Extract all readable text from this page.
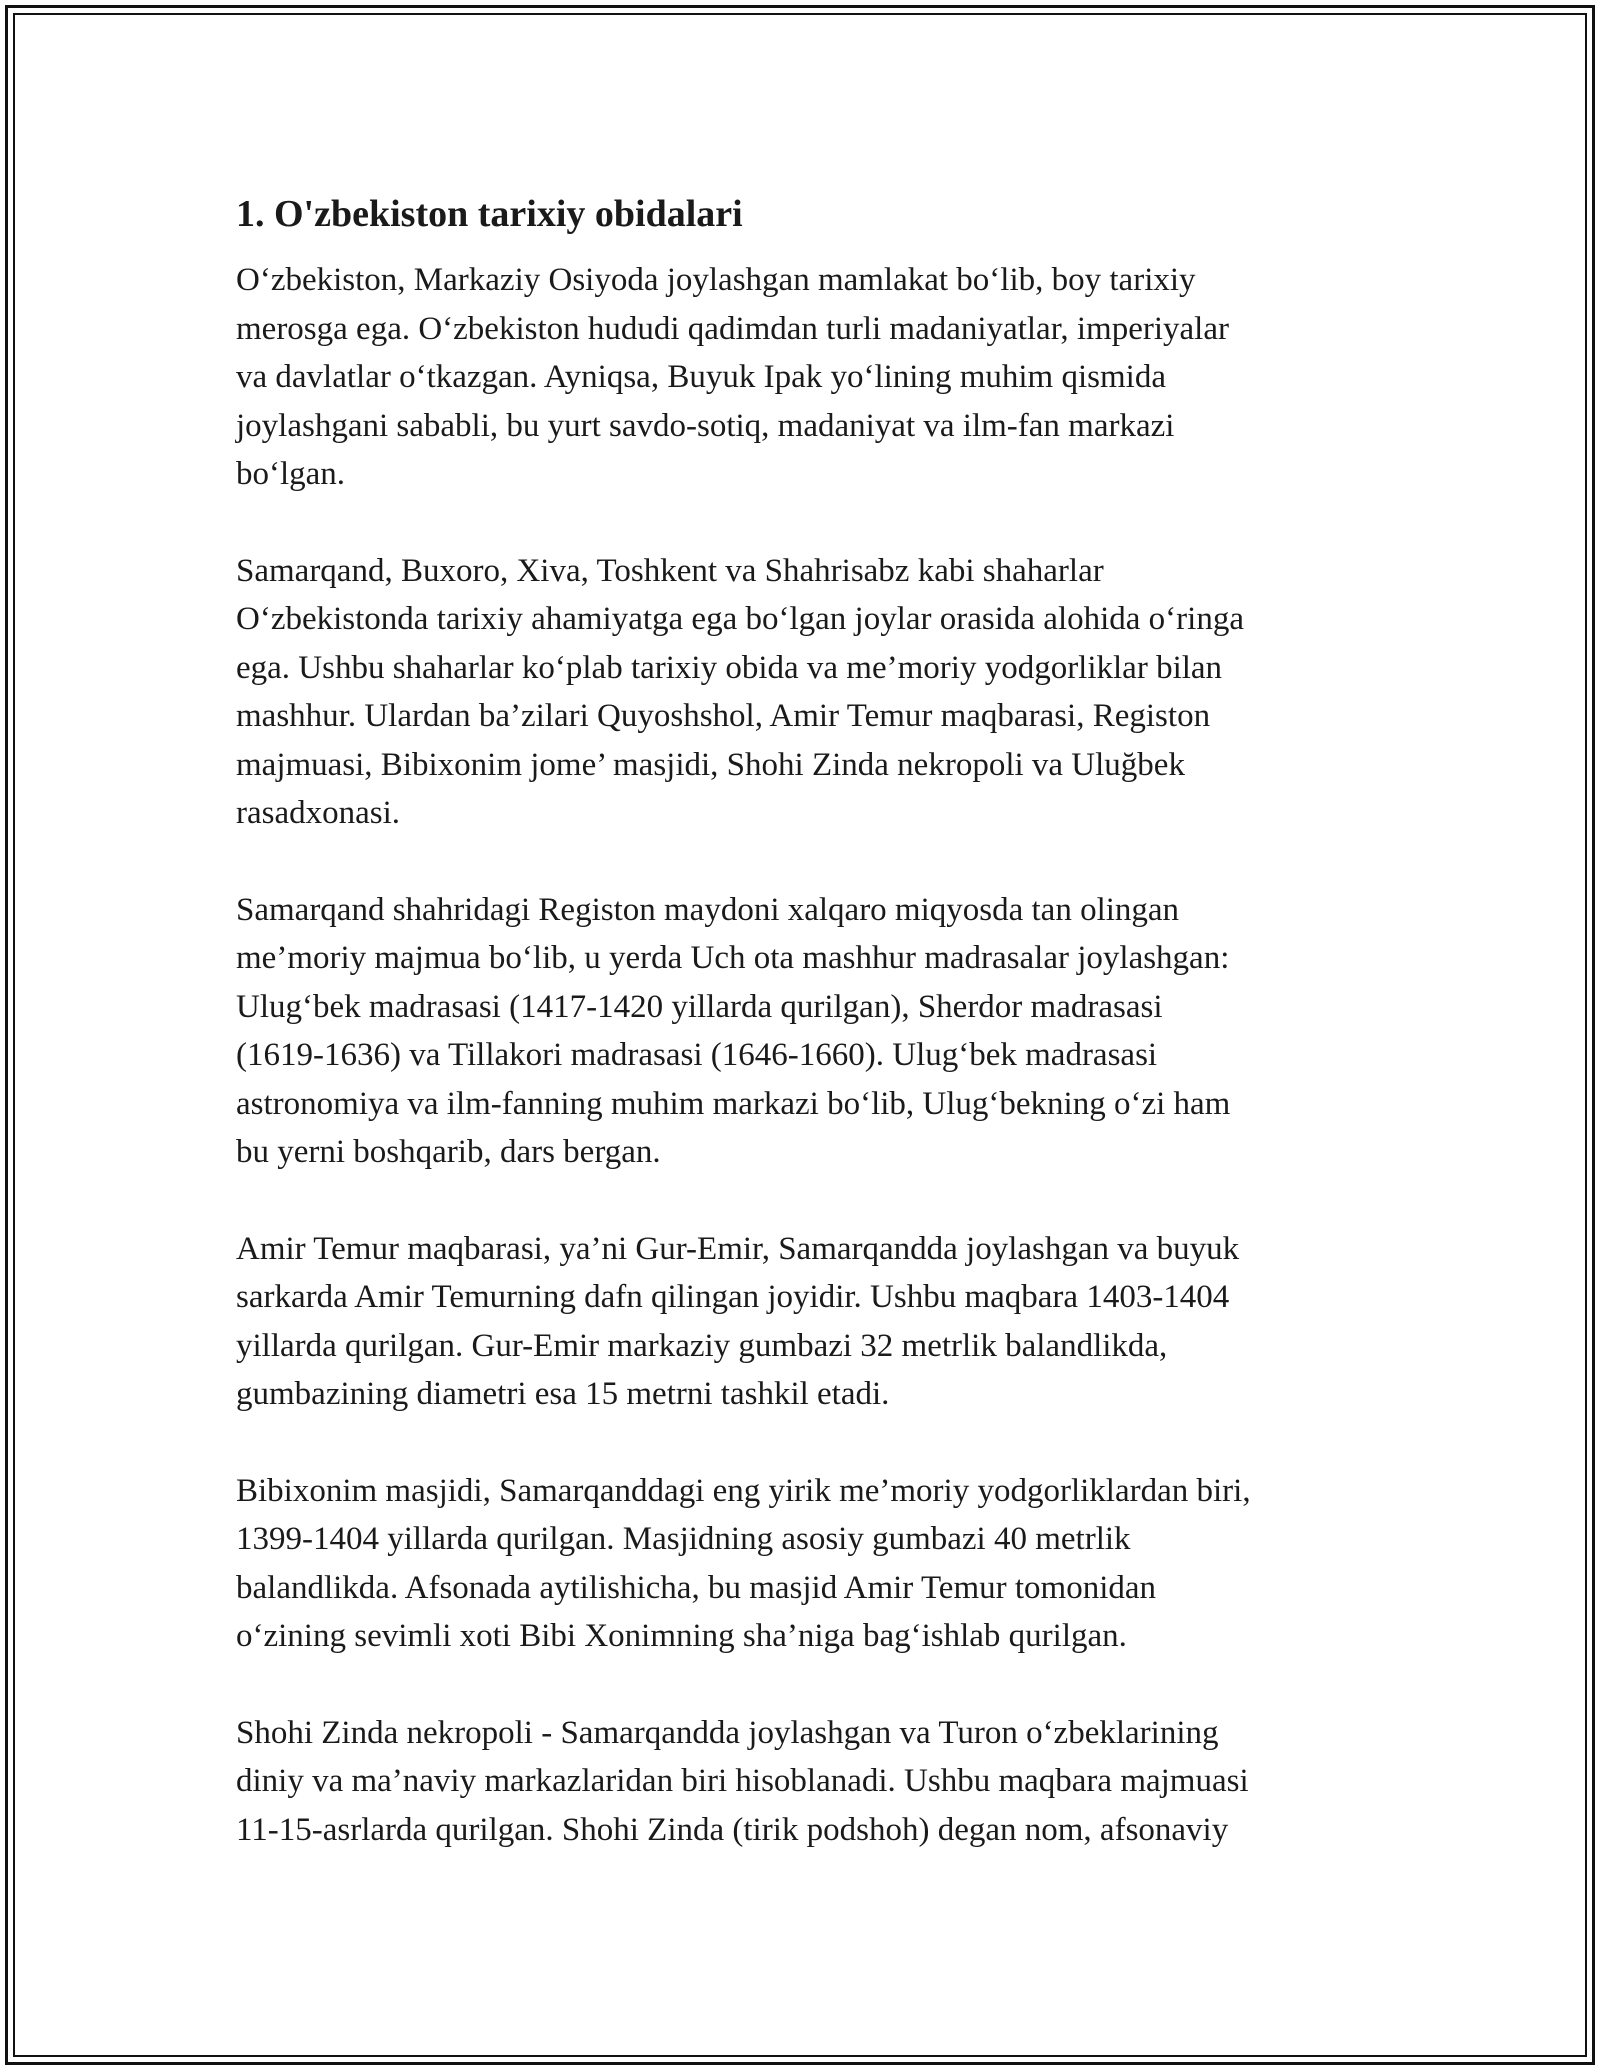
1. O'zbekiston tarixiy obidalari

O‘zbekiston, Markaziy Osiyoda joylashgan mamlakat bo‘lib, boy tarixiy
merosga ega. O‘zbekiston hududi qadimdan turli madaniyatlar, imperiyalar
va davlatlar o‘tkazgan. Ayniqsa, Buyuk Ipak yo‘lining muhim qismida
joylashgani sababli, bu yurt savdo-sotiq, madaniyat va ilm-fan markazi
bo‘lgan.

Samarqand, Buxoro, Xiva, Toshkent va Shahrisabz kabi shaharlar
O‘zbekistonda tarixiy ahamiyatga ega bo‘lgan joylar orasida alohida o‘ringa
ega. Ushbu shaharlar ko‘plab tarixiy obida va me’moriy yodgorliklar bilan
mashhur. Ulardan ba’zilari Quyoshshol, Amir Temur maqbarasi, Registon
majmuasi, Bibixonim jome’ masjidi, Shohi Zinda nekropoli va Uluğbek
rasadxonasi.

Samarqand shahridagi Registon maydoni xalqaro miqyosda tan olingan
me’moriy majmua bo‘lib, u yerda Uch ota mashhur madrasalar joylashgan:
Ulug‘bek madrasasi (1417-1420 yillarda qurilgan), Sherdor madrasasi
(1619-1636) va Tillakori madrasasi (1646-1660). Ulug‘bek madrasasi
astronomiya va ilm-fanning muhim markazi bo‘lib, Ulug‘bekning o‘zi ham
bu yerni boshqarib, dars bergan.

Amir Temur maqbarasi, ya’ni Gur-Emir, Samarqandda joylashgan va buyuk
sarkarda Amir Temurning dafn qilingan joyidir. Ushbu maqbara 1403-1404
yillarda qurilgan. Gur-Emir markaziy gumbazi 32 metrlik balandlikda,
gumbazining diametri esa 15 metrni tashkil etadi.

Bibixonim masjidi, Samarqanddagi eng yirik me’moriy yodgorliklardan biri,
1399-1404 yillarda qurilgan. Masjidning asosiy gumbazi 40 metrlik
balandlikda. Afsonada aytilishicha, bu masjid Amir Temur tomonidan
o‘zining sevimli xoti Bibi Xonimning sha’niga bag‘ishlab qurilgan.

Shohi Zinda nekropoli - Samarqandda joylashgan va Turon o‘zbeklarining
diniy va ma’naviy markazlaridan biri hisoblanadi. Ushbu maqbara majmuasi
11-15-asrlarda qurilgan. Shohi Zinda (tirik podshoh) degan nom, afsonaviy
